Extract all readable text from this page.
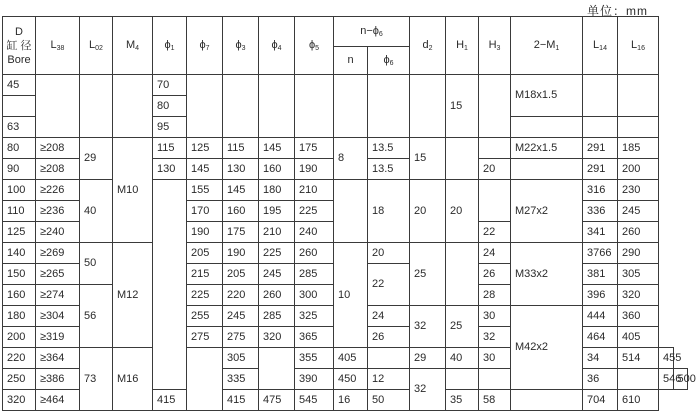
单位：mm
D
缸 径
Bore	$L_{38}$	$L_{02}$	$M_4$	$\phi_1$	$\phi_7$	$\phi_3$	$\phi_4$	$\phi_5$	$n-\phi_6$		$d_2$	$H_1$	$H_3$	$2-M_1$	$L_{14}$	$L_{16}$
									n	$\phi_6$
45				70								15		M18x1.5				
				80														
63				95														
80	≥208	29	M10	115	125	115	145	175	8	13.5	15			M22x1.5	291	185		
90	≥208			130	145	130	160	190		13.5			20		291	200		
100	≥226	40			155	145	180	210		18	20	20		M27x2	316	230		
110	≥236				170	160	195	225							336	245		
125	≥240				190	175	210	240					22		341	260		
140	≥269	50	M12		205	190	225	260	10	20	25		24	M33x2	3766	290		
150	≥265				215	205	245	285		22			26		381	305		
160	≥274	56			225	220	260	300					28		396	320		
180	≥304				255	245	285	325		24	32	25	30	M42x2	444	360		
200	≥319				275	275	320	365		26			32		464	405		
220	≥364	73	M16			305		355	405		29	40	30		34	514	455	
250	≥386					335		390	450	12	32				36		546	500
320	≥464			415		415	475	545	16	50		35	58		704	610		
